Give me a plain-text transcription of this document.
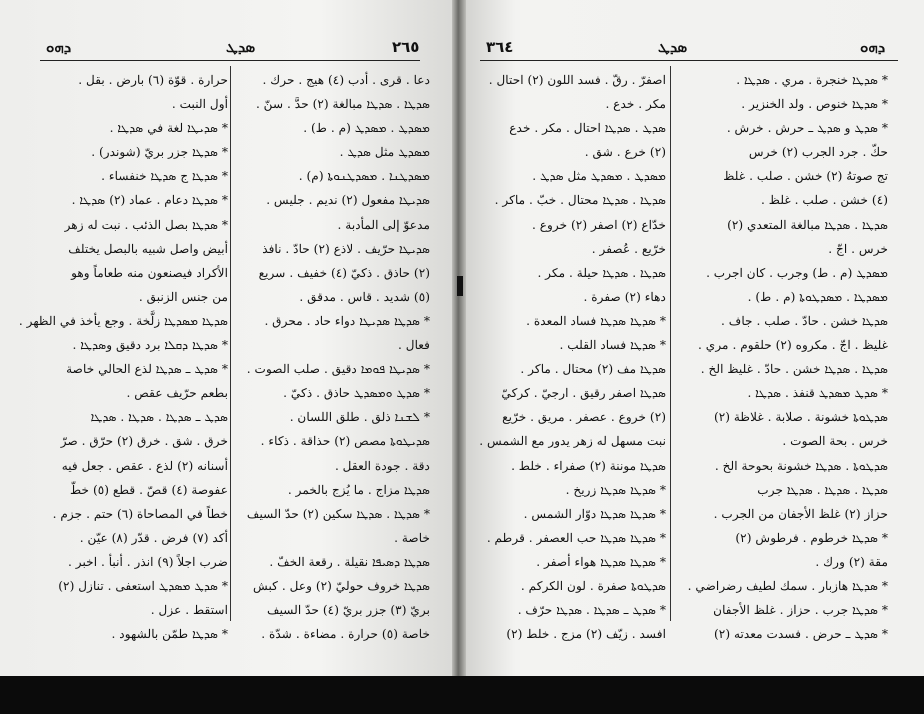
ܕܗܘ	ܣܕܛ	٢٦٥
دعا . قرى . أدب (٤) هيج . حرك .
ܣܕܛܐ . ܣܕܛܐ مبالغة (٢) حدَّ . سنّ .
ܡܣܕܛ . ܡܣܕܛ (م . ط) .
ܡܣܕܛ مثل ܣܕܛ .
ܡܣܕܛܢܐ . ܡܣܕܛܢܘܬܐ (م) .
ܣܕܝܛܐ مفعول (٢) نديم . جليس .
مدعوّ إلى المأدبة .
ܣܕܝܛܐ حرّيف . لاذع (٢) حادّ . نافذ
(٢) حاذق . ذكيّ (٤) خفيف . سريع
(٥) شديد . قاس . مدقق .
* ܣܕܛܐ ܣܕܝܛܐ دواء حاد . محرق .
فعال .
* ܣܕܝܛܐ ܦܘܡܐ دقيق . صلب الصوت .
* ܣܕܛ ܘܡܣܕܛ حاذق . ذكيّ .
* ܠܫܢܐ ذلق . طلق اللسان .
ܣܕܝܛܘܬܐ مصص (٢) حذاقة . ذكاء .
دقة . جودة العقل .
ܣܕܛܐ مزاج . ما يُزج بالخمر .
* ܣܕܛܐ . ܣܕܛܐ سكين (٢) حدّ السيف
خاصة .
ܣܕܛܐ ܕܣܝܦܐ نقيلة . رقعة الخفّ .
ܣܕܛܐ خروف حوليّ (٢) وعل . كبش
بريّ (٣) جزر بريّ (٤) حدّ السيف
خاصة (٥) حرارة . مضاءة . شدّة .
حرارة . قوّة (٦) بارض . بقل .
أول النبت .
* ܣܕܝܛܐ لغة في ܣܕܛܐ .
* ܣܕܛܐ جزر بريّ (شوندر) .
* ܣܕܛܐ ج ܣܕܛܐ خنفساء .
* ܣܕܛܐ دعام . عماد (٢) ܣܕܛܐ .
* ܣܕܛܐ بصل الذئب . نبت له زهر
أبيض واصل شبيه بالبصل يختلف
الأكراد فيصنعون منه طعاماً وهو
من جنس الزنبق .
ܣܕܛܐ ܡܣܕܛܐ زلَّخة . وجع يأخذ في الظهر .
* ܣܕܛܐ ܕܩܠܐ برد دقيق وܣܕܛܐ .
* ܣܕܛ ـ ܣܕܛܐ لذع الحالي خاصة
بطعم حرّيف عقص .
ܣܕܛ ـ ܣܕܛܐ . ܣܕܛܐ . ܣܕܛܐ
خرق . شق . خرق (٢) حرّق . صرّ
أسنانه (٢) لذع . عقص . جعل فيه
عفوصة (٤) قصّ . قطع (٥) خطّ
خطاً في المصاحاة (٦) حتم . جزم .
أكد (٧) فرض . قدّر (٨) عيّن .
ضرب اجلاً (٩) انذر . أنبأ . اخبر .
* ܣܕܛ ܡܣܕܛ استعفى . تنازل (٢)
استقط . عزل .
* ܣܕܛܐ طمّن بالشهود .
٣٦٤	ܣܕܛ	ܕܗܘ
* ܣܕܛܐ خنجرة . مري . ܣܕܛܐ .
* ܣܕܛܐ خنوص . ولد الخنزير .
* ܣܕܛ و ܣܕܛ ـ حرش . خرش .
حكّ . جرد الجرب (٢) خرس
تج صوتهُ (٢) خشن . صلب . غلظ
(٤) خشن . صلب . غلظ .
ܣܕܛܐ . ܣܕܛܐ مبالغة المتعدي (٢)
خرس . اجّ .
ܡܣܕܛ (م . ط) وجرب . كان اجرب .
ܡܣܕܛܐ . ܡܣܕܛܘܬܐ (م . ط) .
ܣܕܛܐ خشن . حادّ . صلب . جاف .
غليظ . اجّ . مكروه (٢) حلقوم . مري .
ܣܕܛܐ . ܣܕܛܐ خشن . حادّ . غليظ الخ .
* ܣܕܛ ܡܣܕܛ قنفذ . ܣܕܛܐ .
ܣܕܛܘܬܐ خشونة . صلابة . غلاظة (٢)
خرس . بحة الصوت .
ܣܕܛܘܬܐ . ܣܕܛܐ خشونة بحوحة الخ .
ܣܕܛܐ . ܣܕܛܐ . ܣܕܛܐ جرب
حزاز (٢) غلظ الأجفان من الجرب .
* ܣܕܛܐ خرطوم . فرطوش (٢)
مقة (٢) ورك .
* ܣܕܛܐ هازبار . سمك لطيف رضراضي .
* ܣܕܛܐ جرب . حزاز . غلظ الأجفان
* ܣܕܛ ـ حرض . فسدت معدته (٢)
اصفرّ . رقّ . فسد اللون (٢) احتال .
مكر . خدع .
ܣܕܛ . ܣܕܛܐ احتال . مكر . خدع
(٢) خرع . شق .
ܡܣܕܛ . ܡܣܕܛ مثل ܣܕܛ .
ܣܕܛܐ . ܣܕܛܐ محتال . خبّ . ماكر .
خدّاع (٢) اصفر (٢) خروع .
خرّيع . عُصفر .
ܣܕܛܐ . ܣܕܛܐ حيلة . مكر .
دهاء (٢) صفرة .
* ܣܕܛܐ ܣܕܛܐ فساد المعدة .
* ܣܕܛܐ فساد القلب .
ܣܕܛܐ مف (٢) محتال . ماكر .
ܣܕܛܐ اصفر رقيق . ارجيّ . كركيّ
(٢) خروع . عصفر . مريق . خرّيع
نبت مسهل له زهر يدور مع الشمس .
ܣܕܛܐ موننة (٢) صفراء . خلط .
* ܣܕܛܐ ܣܕܛܐ زريخ .
* ܣܕܛܐ ܣܕܛܐ دوّار الشمس .
* ܣܕܛܐ ܣܕܛܐ حب العصفر . قرطم .
* ܣܕܛܐ ܣܕܛܐ هواء أصفر .
ܣܕܛܘܬܐ صفرة . لون الكركم .
* ܣܕܛ ـ ܣܕܛܐ . ܣܕܛܐ حرّف .
افسد . زيّف (٢) مزج . خلط (٢)
